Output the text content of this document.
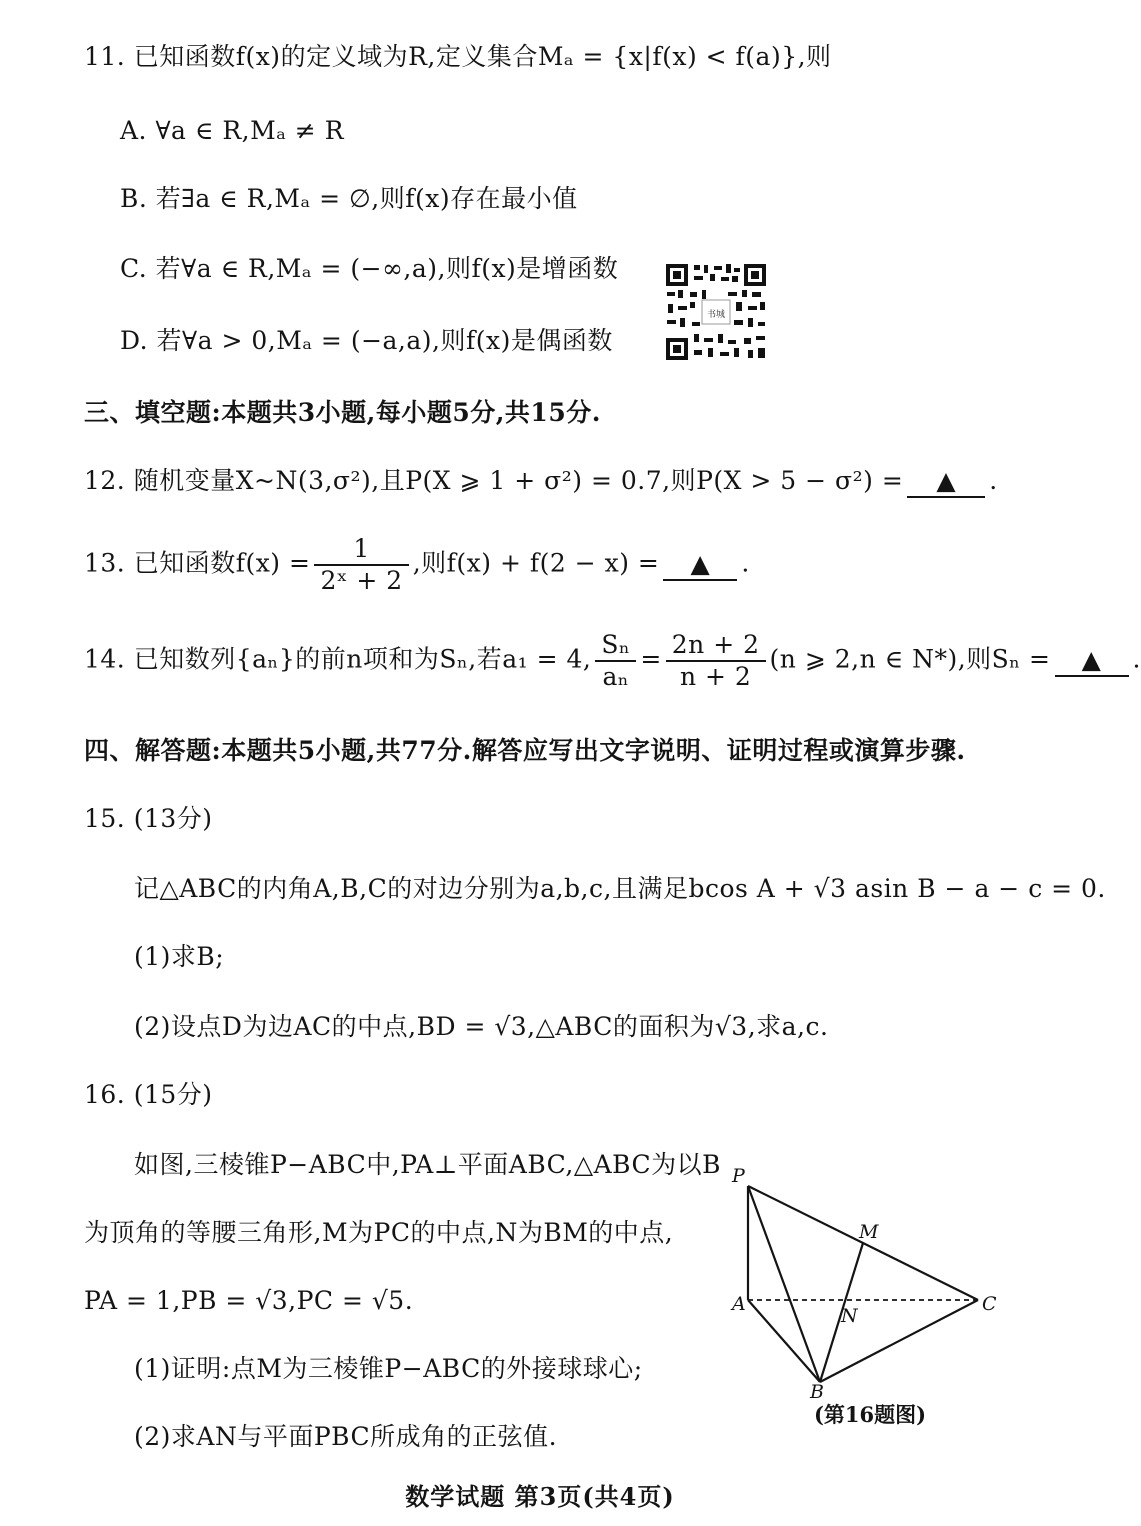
11. 已知函数f(x)的定义域为R,定义集合Mₐ = {x|f(x) < f(a)},则
A. ∀a ∈ R,Mₐ ≠ R
B. 若∃a ∈ R,Mₐ = ∅,则f(x)存在最小值
C. 若∀a ∈ R,Mₐ = (−∞,a),则f(x)是增函数
D. 若∀a > 0,Mₐ = (−a,a),则f(x)是偶函数
书城
三、填空题:本题共3小题,每小题5分,共15分.
12. 随机变量X~N(3,σ²),且P(X ⩾ 1 + σ²) = 0.7,则P(X > 5 − σ²) = ▲ .
13. 已知函数$f(x) = \frac{1}{\text{2ˣ + 2}}$ ,则f(x) + f(2 − x) = ▲ .
14. 已知数列{aₙ}的前n项和为Sₙ,若a₁ = 4, $\frac{\text{Sₙ}}{\text{aₙ}} = \frac{2n + 2}{n + 2} (n$ ⩾ 2,n ∈ N*),则Sₙ = ▲ .
四、解答题:本题共5小题,共77分.解答应写出文字说明、证明过程或演算步骤.
15. (13分)
记△ABC的内角A,B,C的对边分别为a,b,c,且满足bcos A + √3 asin B − a − c = 0.
(1)求B;
(2)设点D为边AC的中点,BD = √3,△ABC的面积为√3,求a,c.
16. (15分)
如图,三棱锥P−ABC中,PA⊥平面ABC,△ABC为以B
为顶角的等腰三角形,M为PC的中点,N为BM的中点,
PA = 1,PB = √3,PC = √5.
(1)证明:点M为三棱锥P−ABC的外接球球心;
(2)求AN与平面PBC所成角的正弦值.
P
M
A
N
C
B
(第16题图)
数学试题 第3页(共4页)
